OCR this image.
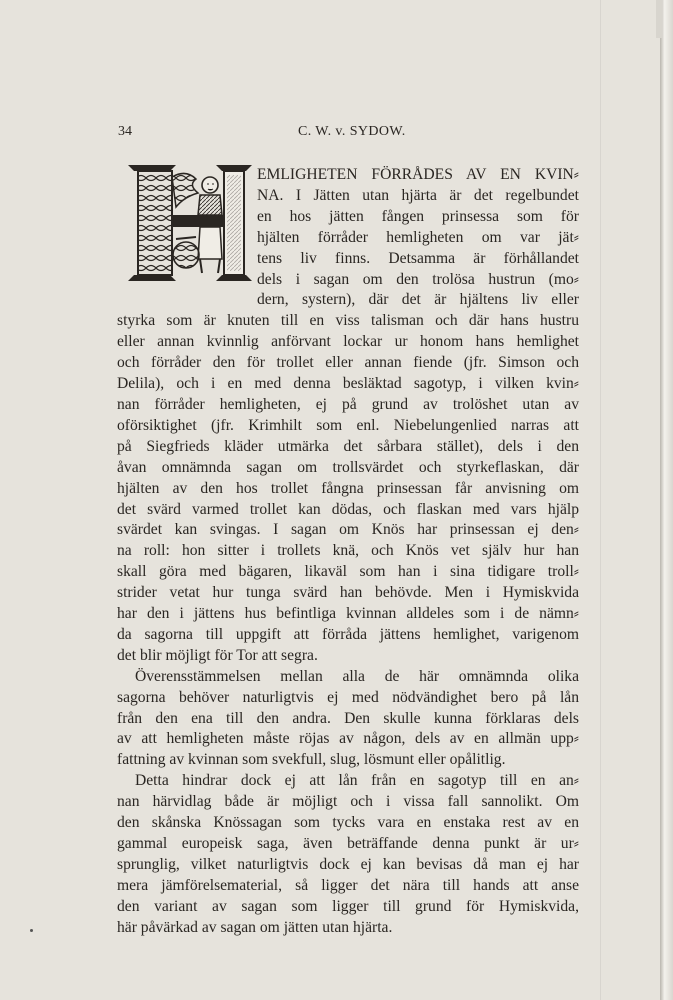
34	C. W. v. SYDOW.
EMLIGHETEN FÖRRÅDES AV EN KVIN⸗
NA. I Jätten utan hjärta är det regelbundet
en hos jätten fången prinsessa som för
hjälten förråder hemligheten om var jät⸗
tens liv finns. Detsamma är förhållandet
dels i sagan om den trolösa hustrun (mo⸗
dern, systern), där det är hjältens liv eller
styrka som är knuten till en viss talisman och där hans hustru
eller annan kvinnlig anförvant lockar ur honom hans hemlighet
och förråder den för trollet eller annan fiende (jfr. Simson och
Delila), och i en med denna besläktad sagotyp, i vilken kvin⸗
nan förråder hemligheten, ej på grund av trolöshet utan av
oförsiktighet (jfr. Krimhilt som enl. Niebelungenlied narras att
på Siegfrieds kläder utmärka det sårbara stället), dels i den
åvan omnämnda sagan om trollsvärdet och styrkeflaskan, där
hjälten av den hos trollet fångna prinsessan får anvisning om
det svärd varmed trollet kan dödas, och flaskan med vars hjälp
svärdet kan svingas. I sagan om Knös har prinsessan ej den⸗
na roll: hon sitter i trollets knä, och Knös vet själv hur han
skall göra med bägaren, likaväl som han i sina tidigare troll⸗
strider vetat hur tunga svärd han behövde. Men i Hymiskvida
har den i jättens hus befintliga kvinnan alldeles som i de nämn⸗
da sagorna till uppgift att förråda jättens hemlighet, varigenom
det blir möjligt för Tor att segra.
Överensstämmelsen mellan alla de här omnämnda olika
sagorna behöver naturligtvis ej med nödvändighet bero på lån
från den ena till den andra. Den skulle kunna förklaras dels
av att hemligheten måste röjas av någon, dels av en allmän upp⸗
fattning av kvinnan som svekfull, slug, lösmunt eller opålitlig.
Detta hindrar dock ej att lån från en sagotyp till en an⸗
nan härvidlag både är möjligt och i vissa fall sannolikt. Om
den skånska Knössagan som tycks vara en enstaka rest av en
gammal europeisk saga, även beträffande denna punkt är ur⸗
sprunglig, vilket naturligtvis dock ej kan bevisas då man ej har
mera jämförelsematerial, så ligger det nära till hands att anse
den variant av sagan som ligger till grund för Hymiskvida,
här påvärkad av sagan om jätten utan hjärta.
